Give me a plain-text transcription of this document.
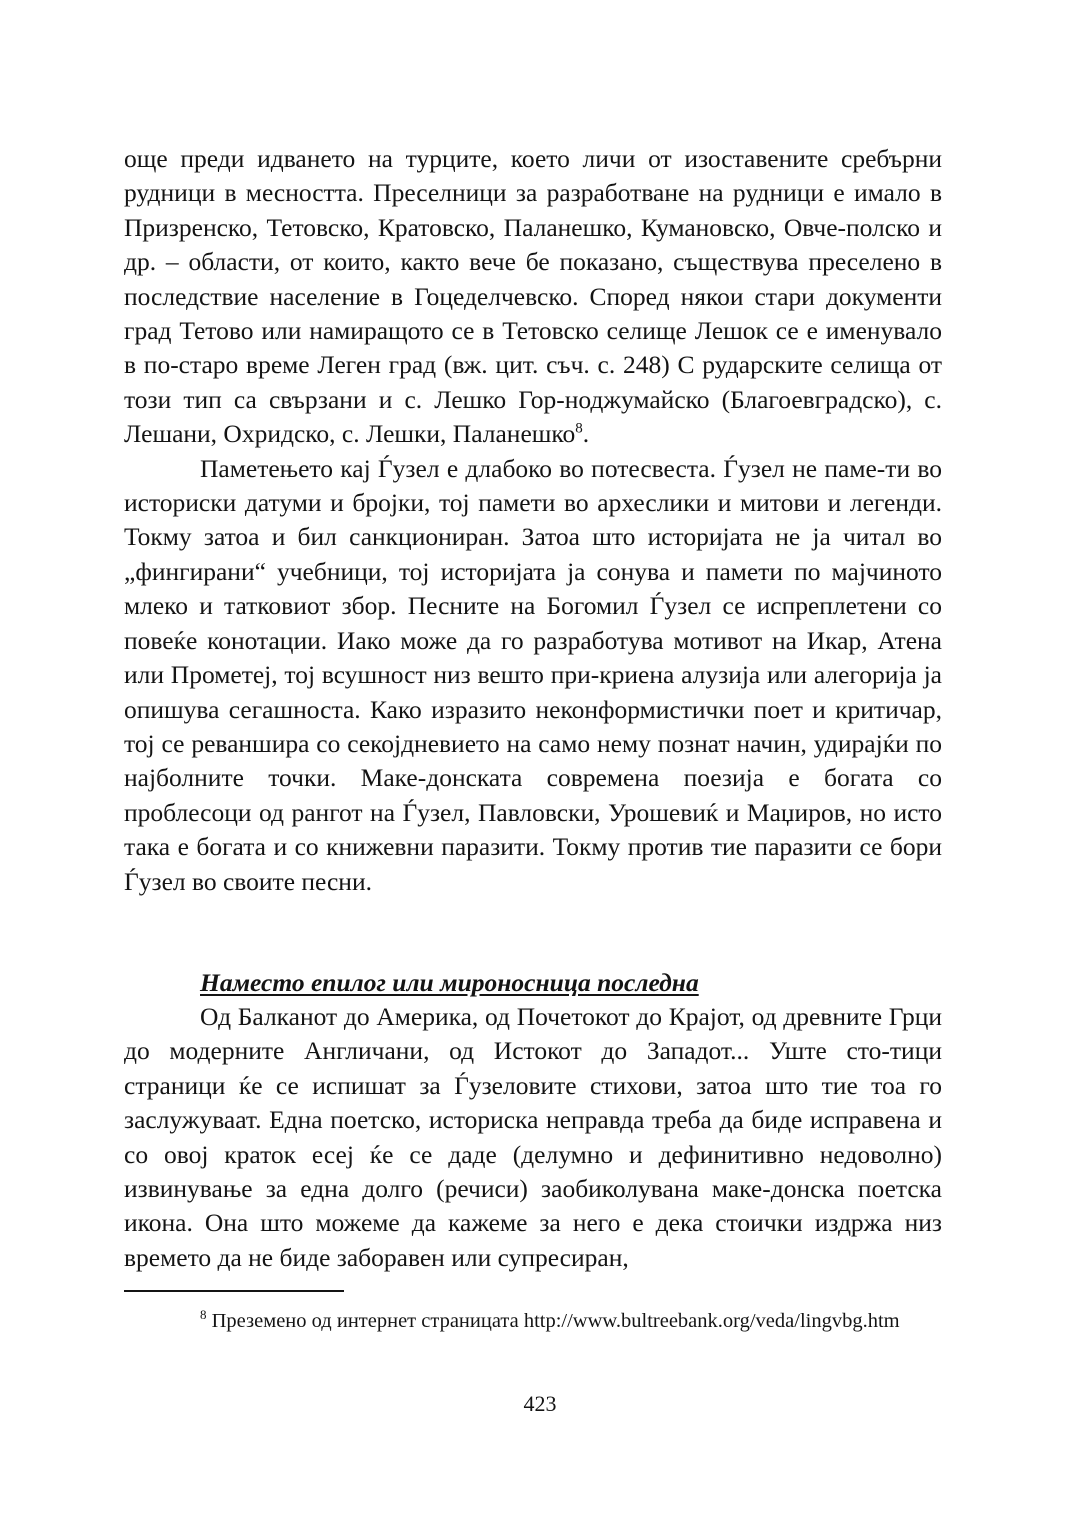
още преди идването на турците, което личи от изоставените сребърни рудници в месността. Преселници за разработване на рудници е имало в Призренско, Тетовско, Кратовско, Паланешко, Кумановско, Овче-полско и др. – области, от които, както вече бе показано, съществува преселено в последствие население в Гоцеделчевско. Според някои стари документи град Тетово или намиращото се в Тетовско селище Лешок се е именувало в по-старо време Леген град (вж. цит. съч. с. 248) С рударските селища от този тип са свързани и с. Лешко Гор-ноджумайско (Благоевградско), с. Лешани, Охридско, с. Лешки, Паланешко$^8$.

Паметењето кај Ѓузел е длабоко во потесвеста. Ѓузел не паме-ти во историски датуми и бројки, тој памети во археслики и митови и легенди. Токму затоа и бил санкциониран. Затоа што историјата не ја читал во „фингирани“ учебници, тој историјата ја сонува и памети по мајчиното млеко и татковиот збор. Песните на Богомил Ѓузел се испреплетени со повеќе конотации. Иако може да го разработува мотивот на Икар, Атена или Прометеј, тој всушност низ вешто при-криена алузија или алегорија ја опишува сегашноста. Како изразито неконформистички поет и критичар, тој се реваншира со секојдневието на само нему познат начин, удирајќи по најболните точки. Маке-донската современа поезија е богата со проблесоци од рангот на Ѓузел, Павловски, Урошевиќ и Маџиров, но исто така е богата и со книжевни паразити. Токму против тие паразити се бори Ѓузел во своите песни.

Наместо епилог или мироносница последна

Од Балканот до Америка, од Почетокот до Крајот, од древните Грци до модерните Англичани, од Истокот до Западот... Уште сто-тици страници ќе се испишат за Ѓузеловите стихови, затоа што тие тоа го заслужуваат. Една поетско, историска неправда треба да биде исправена и со овој краток есеј ќе се даде (делумно и дефинитивно недоволно) извинување за една долго (речиси) заобиколувана маке-донска поетска икона. Она што можеме да кажеме за него е дека стоички издржа низ времето да не биде заборавен или супресиран,

$^8$ Преземено од интернет страницата http://www.bultreebank.org/veda/lingvbg.htm

423
